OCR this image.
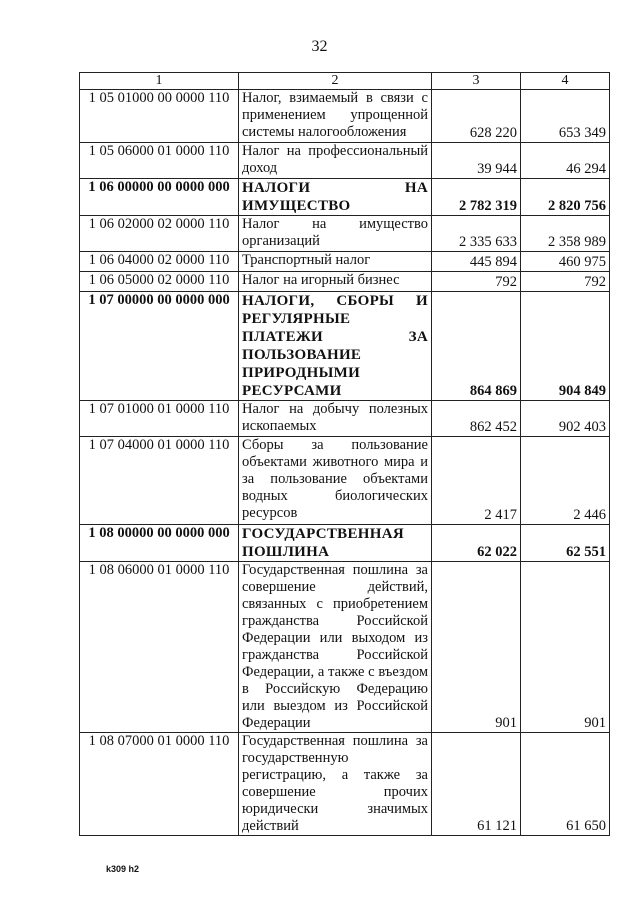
32
1	2	3	4
1 05 01000 00 0000 110	Налог, взимаемый в связи с применением упрощенной системы налогообложения	628 220	653 349
1 05 06000 01 0000 110	Налог на профессиональный доход	39 944	46 294
1 06 00000 00 0000 000	НАЛОГИ НА ИМУЩЕСТВО	2 782 319	2 820 756
1 06 02000 02 0000 110	Налог на имущество организаций	2 335 633	2 358 989
1 06 04000 02 0000 110	Транспортный налог	445 894	460 975
1 06 05000 02 0000 110	Налог на игорный бизнес	792	792
1 07 00000 00 0000 000	НАЛОГИ, СБОРЫ И РЕГУЛЯРНЫЕ ПЛАТЕЖИ ЗА ПОЛЬЗОВАНИЕ ПРИРОДНЫМИ РЕСУРСАМИ	864 869	904 849
1 07 01000 01 0000 110	Налог на добычу полезных ископаемых	862 452	902 403
1 07 04000 01 0000 110	Сборы за пользование объектами животного мира и за пользование объектами водных биологических ресурсов	2 417	2 446
1 08 00000 00 0000 000	ГОСУДАРСТВЕННАЯ ПОШЛИНА	62 022	62 551
1 08 06000 01 0000 110	Государственная пошлина за совершение действий, связанных с приобретением гражданства Российской Федерации или выходом из гражданства Российской Федерации, а также с въездом в Российскую Федерацию или выездом из Российской Федерации	901	901
1 08 07000 01 0000 110	Государственная пошлина за государственную регистрацию, а также за совершение прочих юридически значимых действий	61 121	61 650
k309 h2
